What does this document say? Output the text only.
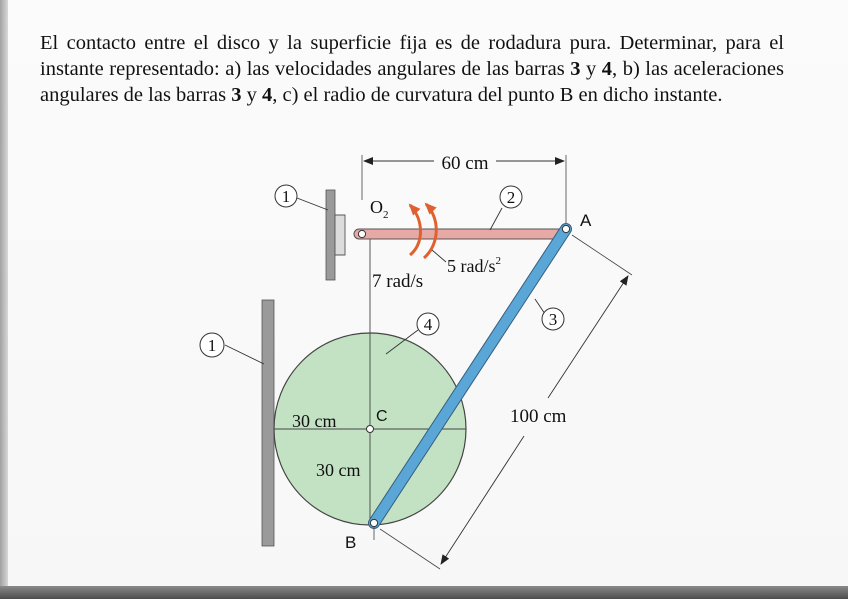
El contacto entre el disco y la superficie fija es de rodadura pura. Determinar, para el instante representado: a) las velocidades angulares de las barras 3 y 4, b) las aceleraciones angulares de las barras 3 y 4, c) el radio de curvatura del punto B en dicho instante.
1
1
C
30 cm
30 cm
4
60 cm
$O_2$
2
7 rad/s
5 rad/$s^2$
A
B
3
100 cm
